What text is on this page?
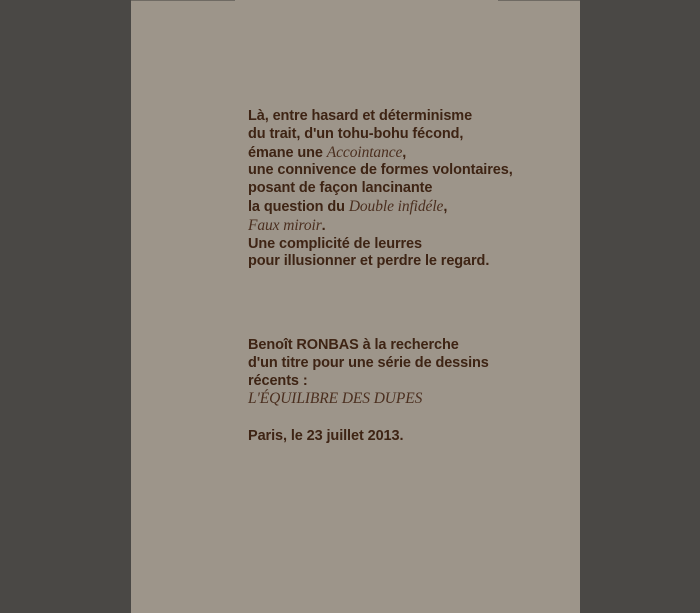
Là, entre hasard et déterminisme
du trait, d'un tohu-bohu fécond,
émane une Accointance,
une connivence de formes volontaires,
posant de façon lancinante
la question du Double infidéle,
Faux miroir.
Une complicité de leurres
pour illusionner et perdre le regard.
Benoît RONBAS à la recherche
d'un titre pour une série de dessins
récents :
L'ÉQUILIBRE DES DUPES
Paris, le 23 juillet 2013.
